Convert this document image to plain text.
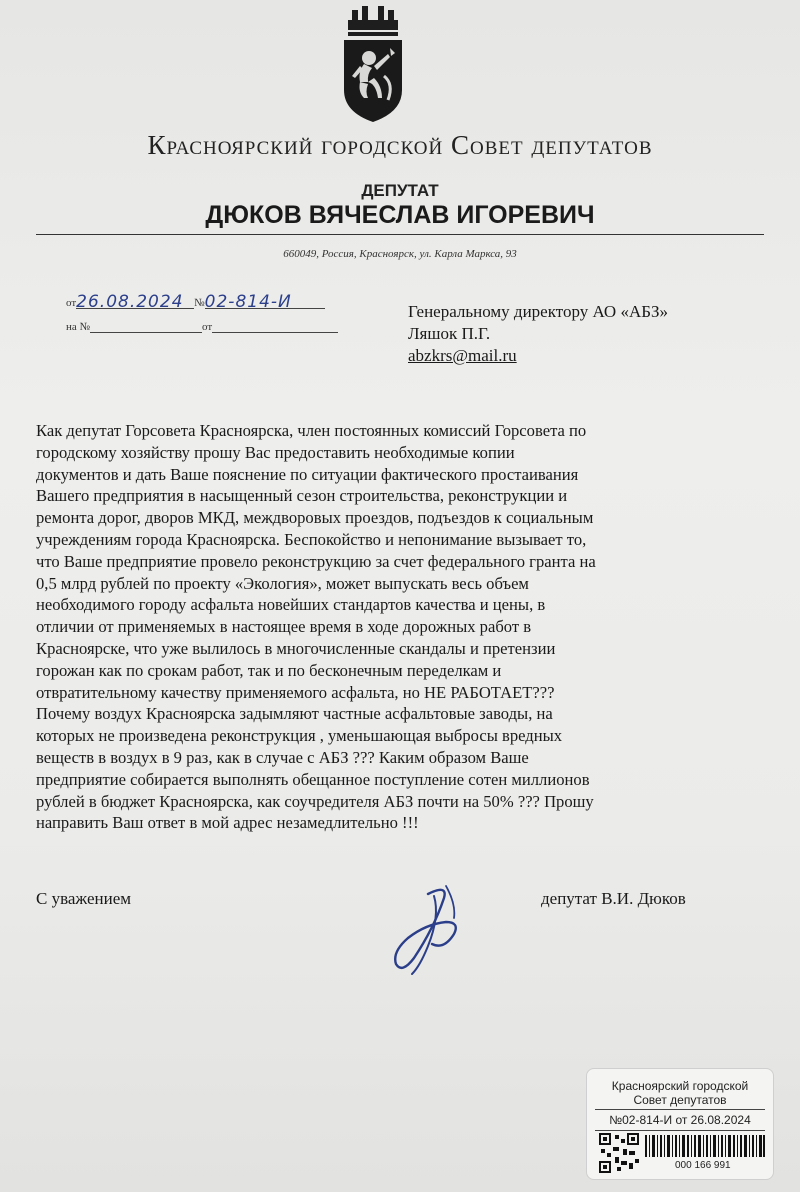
Красноярский городской Совет депутатов
ДЕПУТАТ
ДЮКОВ ВЯЧЕСЛАВ ИГОРЕВИЧ
660049, Россия, Красноярск, ул. Карла Маркса, 93
от26.08.2024 №02-814-И
на №	от
Генеральному директору АО «АБЗ»
Ляшок П.Г.
abzkrs@mail.ru
Как депутат Горсовета Красноярска, член постоянных комиссий Горсовета по
городскому хозяйству прошу Вас предоставить необходимые копии
документов и дать Ваше пояснение по ситуации фактического простаивания
Вашего предприятия в насыщенный сезон строительства, реконструкции и
ремонта дорог, дворов МКД, междворовых проездов, подъездов к социальным
учреждениям города Красноярска. Беспокойство и непонимание вызывает то,
что Ваше предприятие провело реконструкцию за счет федерального гранта на
0,5 млрд рублей по проекту «Экология», может выпускать весь объем
необходимого городу асфальта новейших стандартов качества и цены, в
отличии от применяемых в настоящее время в ходе дорожных работ в
Красноярске, что уже вылилось в многочисленные скандалы и претензии
горожан как по срокам работ, так и по бесконечным переделкам и
отвратительному качеству применяемого асфальта, но НЕ РАБОТАЕТ???
Почему воздух Красноярска задымляют частные асфальтовые заводы, на
которых не произведена реконструкция , уменьшающая выбросы вредных
веществ в воздух в 9 раз, как в случае с АБЗ ??? Каким образом Ваше
предприятие собирается выполнять обещанное поступление сотен миллионов
рублей в бюджет Красноярска, как соучредителя АБЗ почти на 50% ??? Прошу
направить Ваш ответ в мой адрес незамедлительно !!!
С уважением	депутат В.И. Дюков
Красноярский городской
Совет депутатов
№02-814-И от 26.08.2024
000 166 991
